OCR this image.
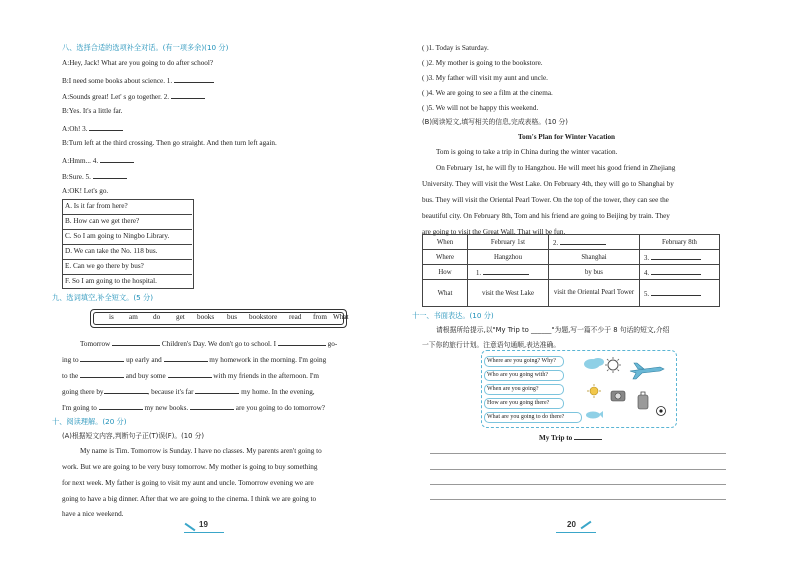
八、选择合适的选项补全对话。(有一项多余)(10 分)
A:Hey, Jack! What are you going to do after school?
B:I need some books about science. 1.
A:Sounds great! Let' s go together. 2.
B:Yes. It's a little far.
A:Oh! 3.
B:Turn left at the third crossing. Then go straight. And then turn left again.
A:Hmm... 4.
B:Sure. 5.
A:OK! Let's go.
A. Is it far from here?
B. How can we get there?
C. So I am going to Ningbo Library.
D. We can take the No. 118 bus.
E. Can we go there by bus?
F. So I am going to the hospital.
九、选词填空,补全短文。(5 分)
is am do get books bus bookstore read from What
Tomorrow	Children's Day. We don't go to school. I	go-
ing to	up early and	my homework in the morning. I'm going
to the	and buy some	with my friends in the afternoon. I'm
going there by	, because it's far	my home. In the evening,
I'm going to	my new books.	are you going to do tomorrow?
十、阅读理解。(20 分)
(A)根据短文内容,判断句子正(T)误(F)。(10 分)
My name is Tim. Tomorrow is Sunday. I have no classes. My parents aren't going to
work. But we are going to be very busy tomorrow. My mother is going to buy something
for next week. My father is going to visit my aunt and uncle. Tomorrow evening we are
going to have a big dinner. After that we are going to the cinema. I think we are going to
have a nice weekend.
19
( )1. Today is Saturday.
( )2. My mother is going to the bookstore.
( )3. My father will visit my aunt and uncle.
( )4. We are going to see a film at the cinema.
( )5. We will not be happy this weekend.
(B)阅读短文,填写相关的信息,完成表格。(10 分)
Tom's Plan for Winter Vacation
Tom is going to take a trip in China during the winter vacation.
On February 1st, he will fly to Hangzhou. He will meet his good friend in Zhejiang
University. They will visit the West Lake. On February 4th, they will go to Shanghai by
bus. They will visit the Oriental Pearl Tower. On the top of the tower, they can see the
beautiful city. On February 8th, Tom and his friend are going to Beijing by train. They
are going to visit the Great Wall. That will be fun.
When	February 1st	2.	February 8th
Where	Hangzhou	Shanghai	3.
How	1.	by bus	4.
What	visit the West Lake	visit the Oriental Pearl Tower	5.
十一、书面表达。(10 分)
请根据所给提示,以"My Trip to ______"为题,写一篇不少于 8 句话的短文,介绍
一下你的旅行计划。注意语句通顺,表达准确。
Where are you going? Why?
Who are you going with?
When are you going?
How are you going there?
What are you going to do there?
My Trip to
20
